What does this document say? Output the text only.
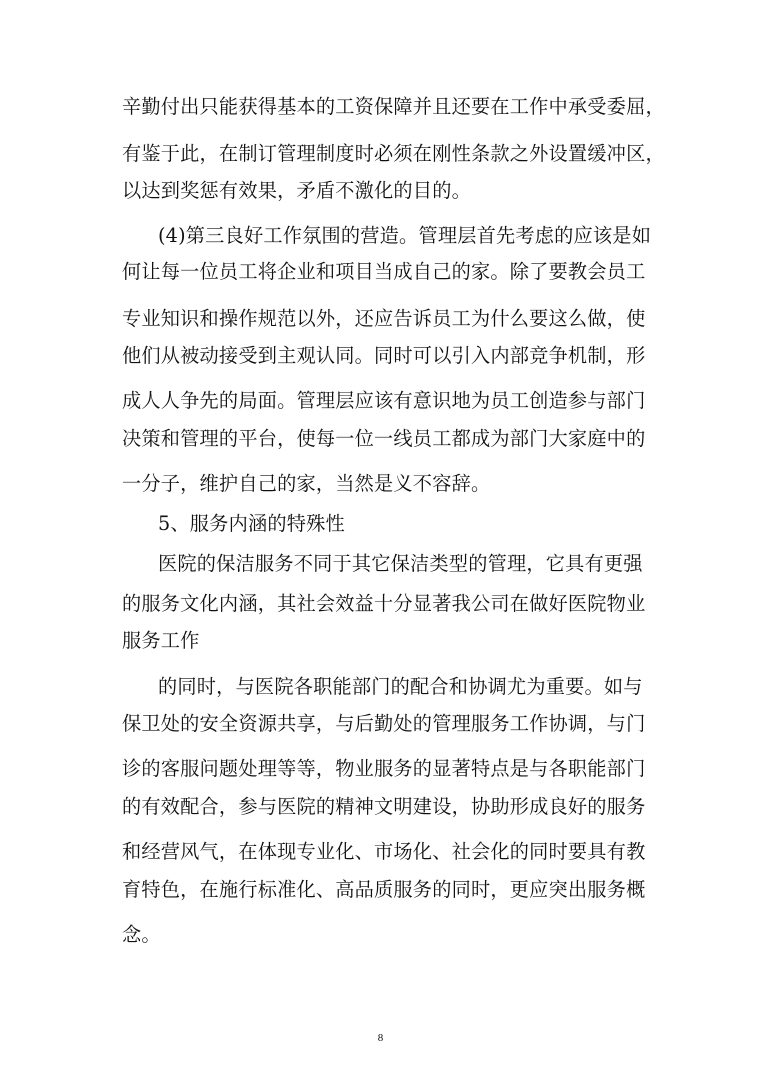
辛勤付出只能获得基本的工资保障并且还要在工作中承受委屈，
有鉴于此，在制订管理制度时必须在刚性条款之外设置缓冲区，
以达到奖惩有效果，矛盾不激化的目的。
(4)第三良好工作氛围的营造。管理层首先考虑的应该是如
何让每一位员工将企业和项目当成自己的家。除了要教会员工
专业知识和操作规范以外，还应告诉员工为什么要这么做，使
他们从被动接受到主观认同。同时可以引入内部竞争机制，形
成人人争先的局面。管理层应该有意识地为员工创造参与部门
决策和管理的平台，使每一位一线员工都成为部门大家庭中的
一分子，维护自己的家，当然是义不容辞。
5、服务内涵的特殊性
医院的保洁服务不同于其它保洁类型的管理，它具有更强
的服务文化内涵，其社会效益十分显著我公司在做好医院物业
服务工作
的同时，与医院各职能部门的配合和协调尤为重要。如与
保卫处的安全资源共享，与后勤处的管理服务工作协调，与门
诊的客服问题处理等等，物业服务的显著特点是与各职能部门
的有效配合，参与医院的精神文明建设，协助形成良好的服务
和经营风气，在体现专业化、市场化、社会化的同时要具有教
育特色，在施行标准化、高品质服务的同时，更应突出服务概
念。
8
